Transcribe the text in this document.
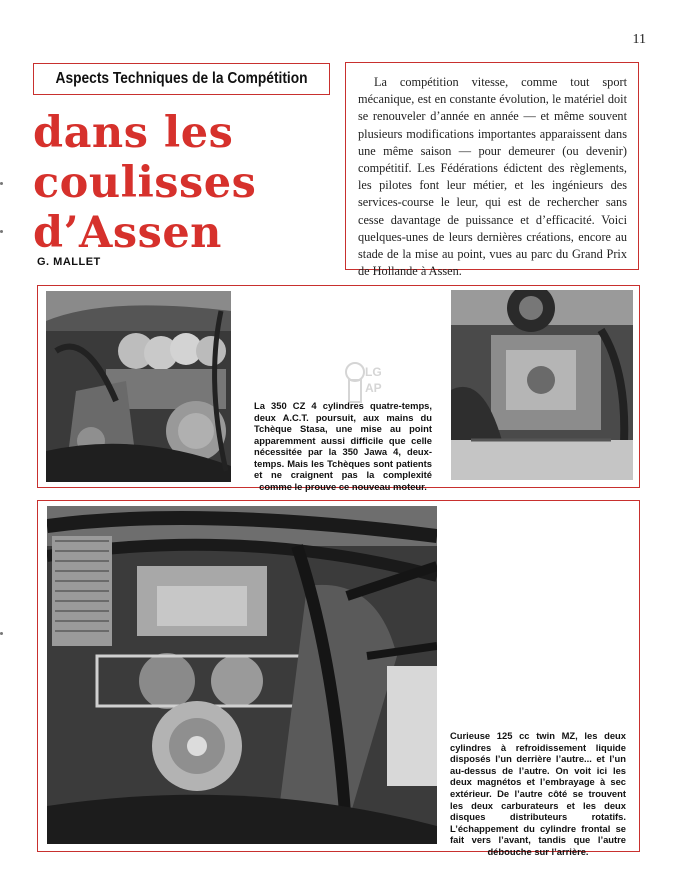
11
Aspects Techniques de la Compétition
dans les
coulisses
d’Assen
G. MALLET

La compétition vitesse, comme tout sport mécanique, est en constante évolution, le matériel doit se renouveler d’année en année — et même souvent plusieurs modifications importantes apparaissent dans une même saison — pour demeurer (ou devenir) compétitif. Les Fédérations édictent des règlements, les pilotes font leur métier, et les ingénieurs des services-course le leur, qui est de rechercher sans cesse davantage de puissance et d’efficacité. Voici quelques-unes de leurs dernières créations, encore au stade de la mise au point, vues au parc du Grand Prix de Hollande à Assen.

LG
AP

La 350 CZ 4 cylindres quatre-temps, deux A.C.T. poursuit, aux mains du Tchèque Stasa, une mise au point apparemment aussi difficile que celle nécessitée par la 350 Jawa 4, deux-temps. Mais les Tchèques sont patients et ne craignent pas la complexité comme le prouve ce nouveau moteur.

Curieuse 125 cc twin MZ, les deux cylindres à refroidissement liquide disposés l’un derrière l’autre... et l’un au-dessus de l’autre. On voit ici les deux magnétos et l’embrayage à sec extérieur. De l’autre côté se trouvent les deux carburateurs et les deux disques distributeurs rotatifs. L’échappement du cylindre frontal se fait vers l’avant, tandis que l’autre débouche sur l’arrière.
